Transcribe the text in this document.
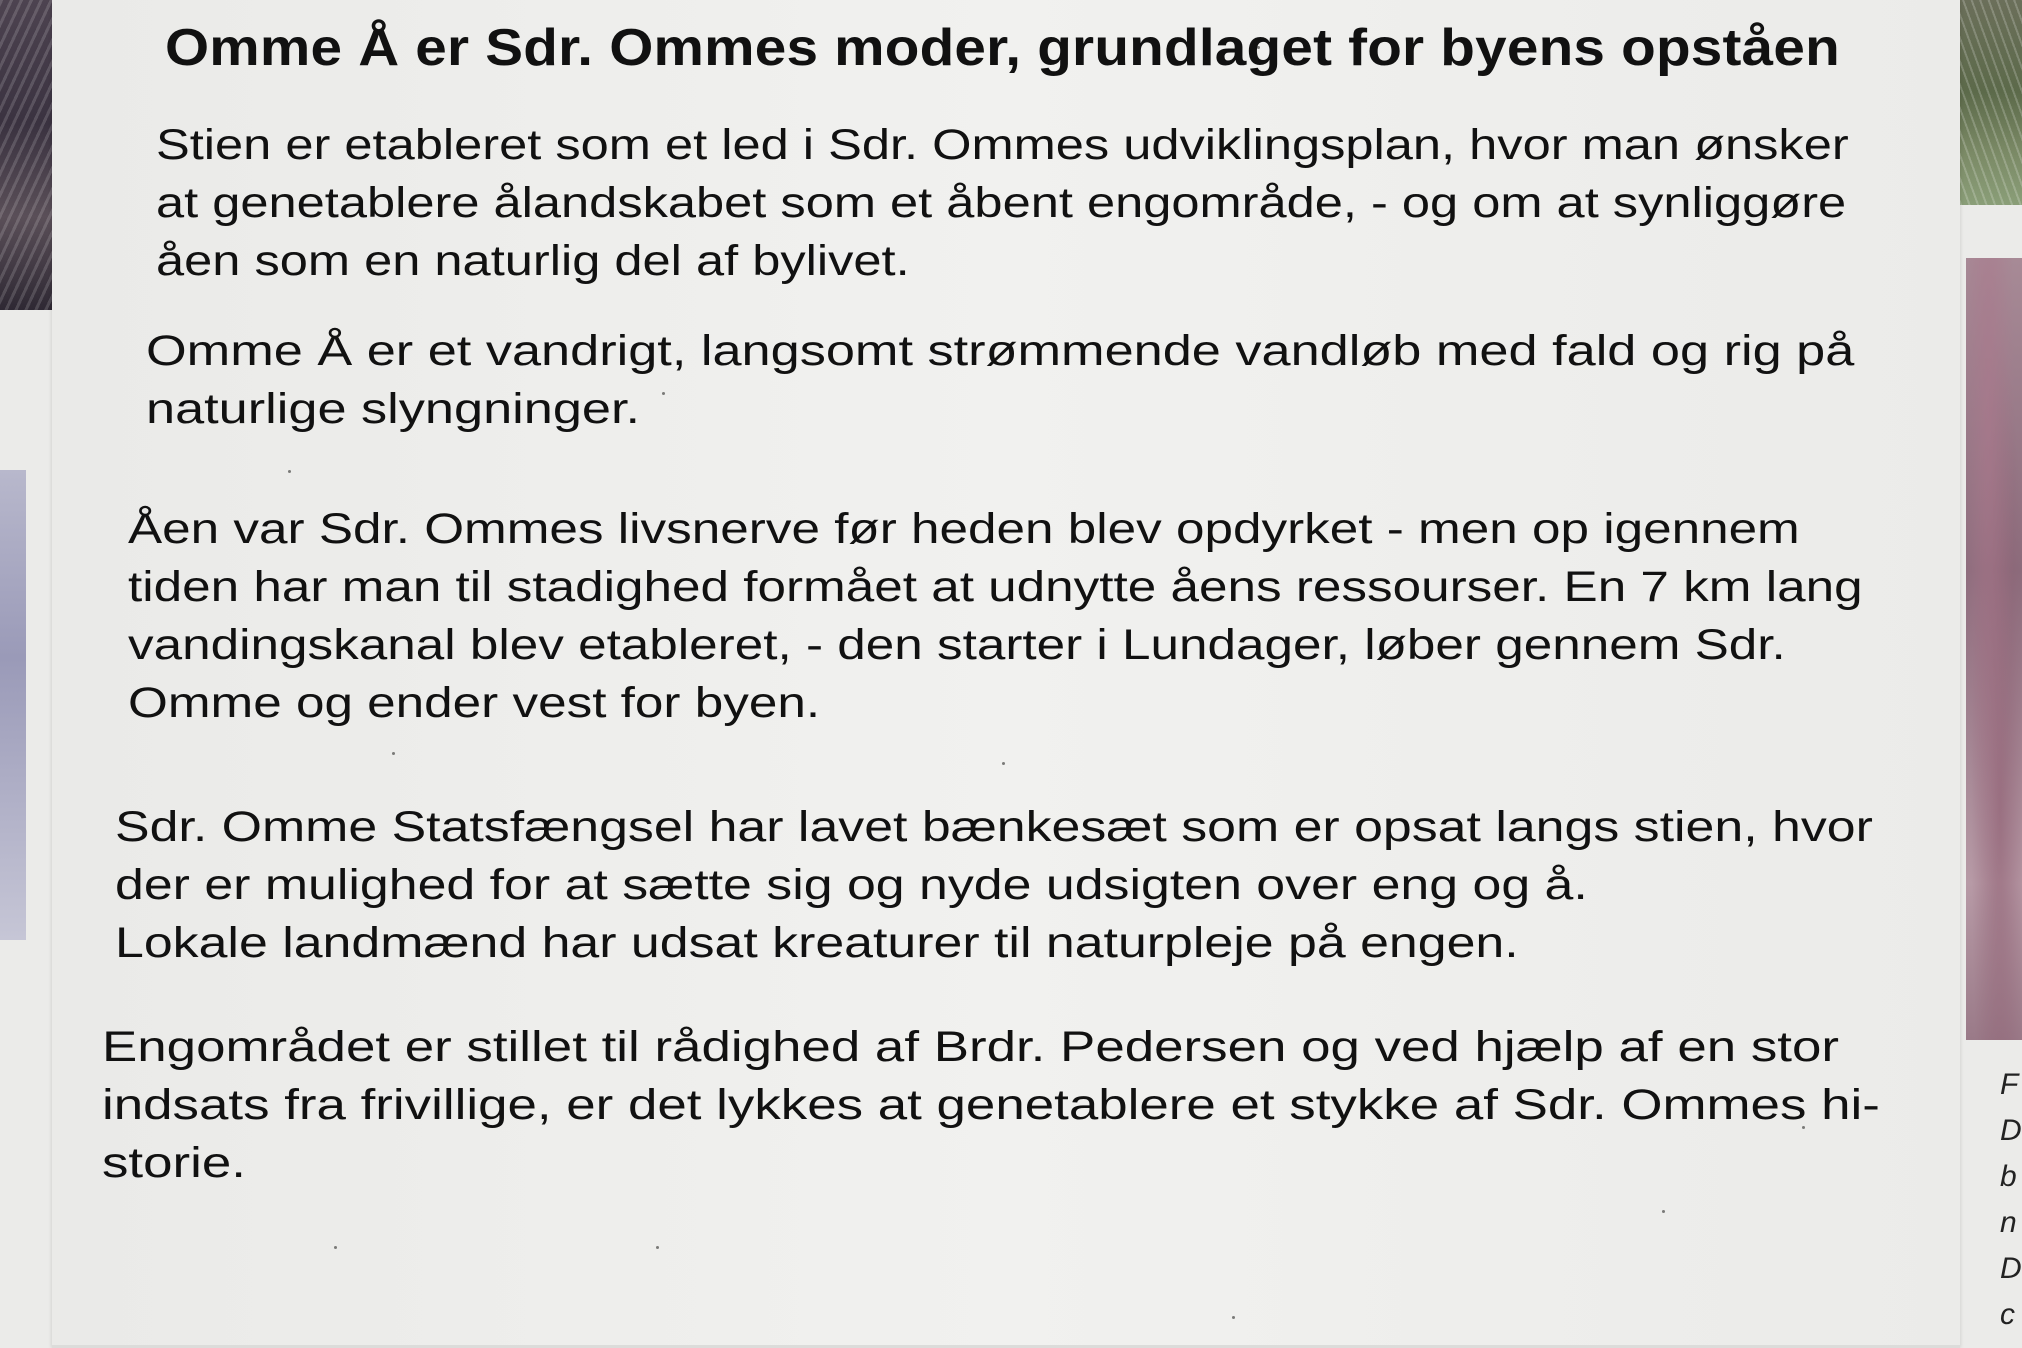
Omme Å er Sdr. Ommes moder, grundlaget for byens opståen
Stien er etableret som et led i Sdr. Ommes udviklingsplan, hvor man ønsker
at genetablere ålandskabet som et åbent engområde, - og om at synliggøre
åen som en naturlig del af bylivet.
Omme Å er et vandrigt, langsomt strømmende vandløb med fald og rig på
naturlige slyngninger.
Åen var Sdr. Ommes livsnerve før heden blev opdyrket - men op igennem
tiden har man til stadighed formået at udnytte åens ressourser. En 7 km lang
vandingskanal blev etableret, - den starter i Lundager, løber gennem Sdr.
Omme og ender vest for byen.
Sdr. Omme Statsfængsel har lavet bænkesæt som er opsat langs stien, hvor
der er mulighed for at sætte sig og nyde udsigten over eng og å.
Lokale landmænd har udsat kreaturer til naturpleje på engen.
Engområdet er stillet til rådighed af Brdr. Pedersen og ved hjælp af en stor
indsats fra frivillige, er det lykkes at genetablere et stykke af Sdr. Ommes hi-
storie.
F
D
b
n
D
c
